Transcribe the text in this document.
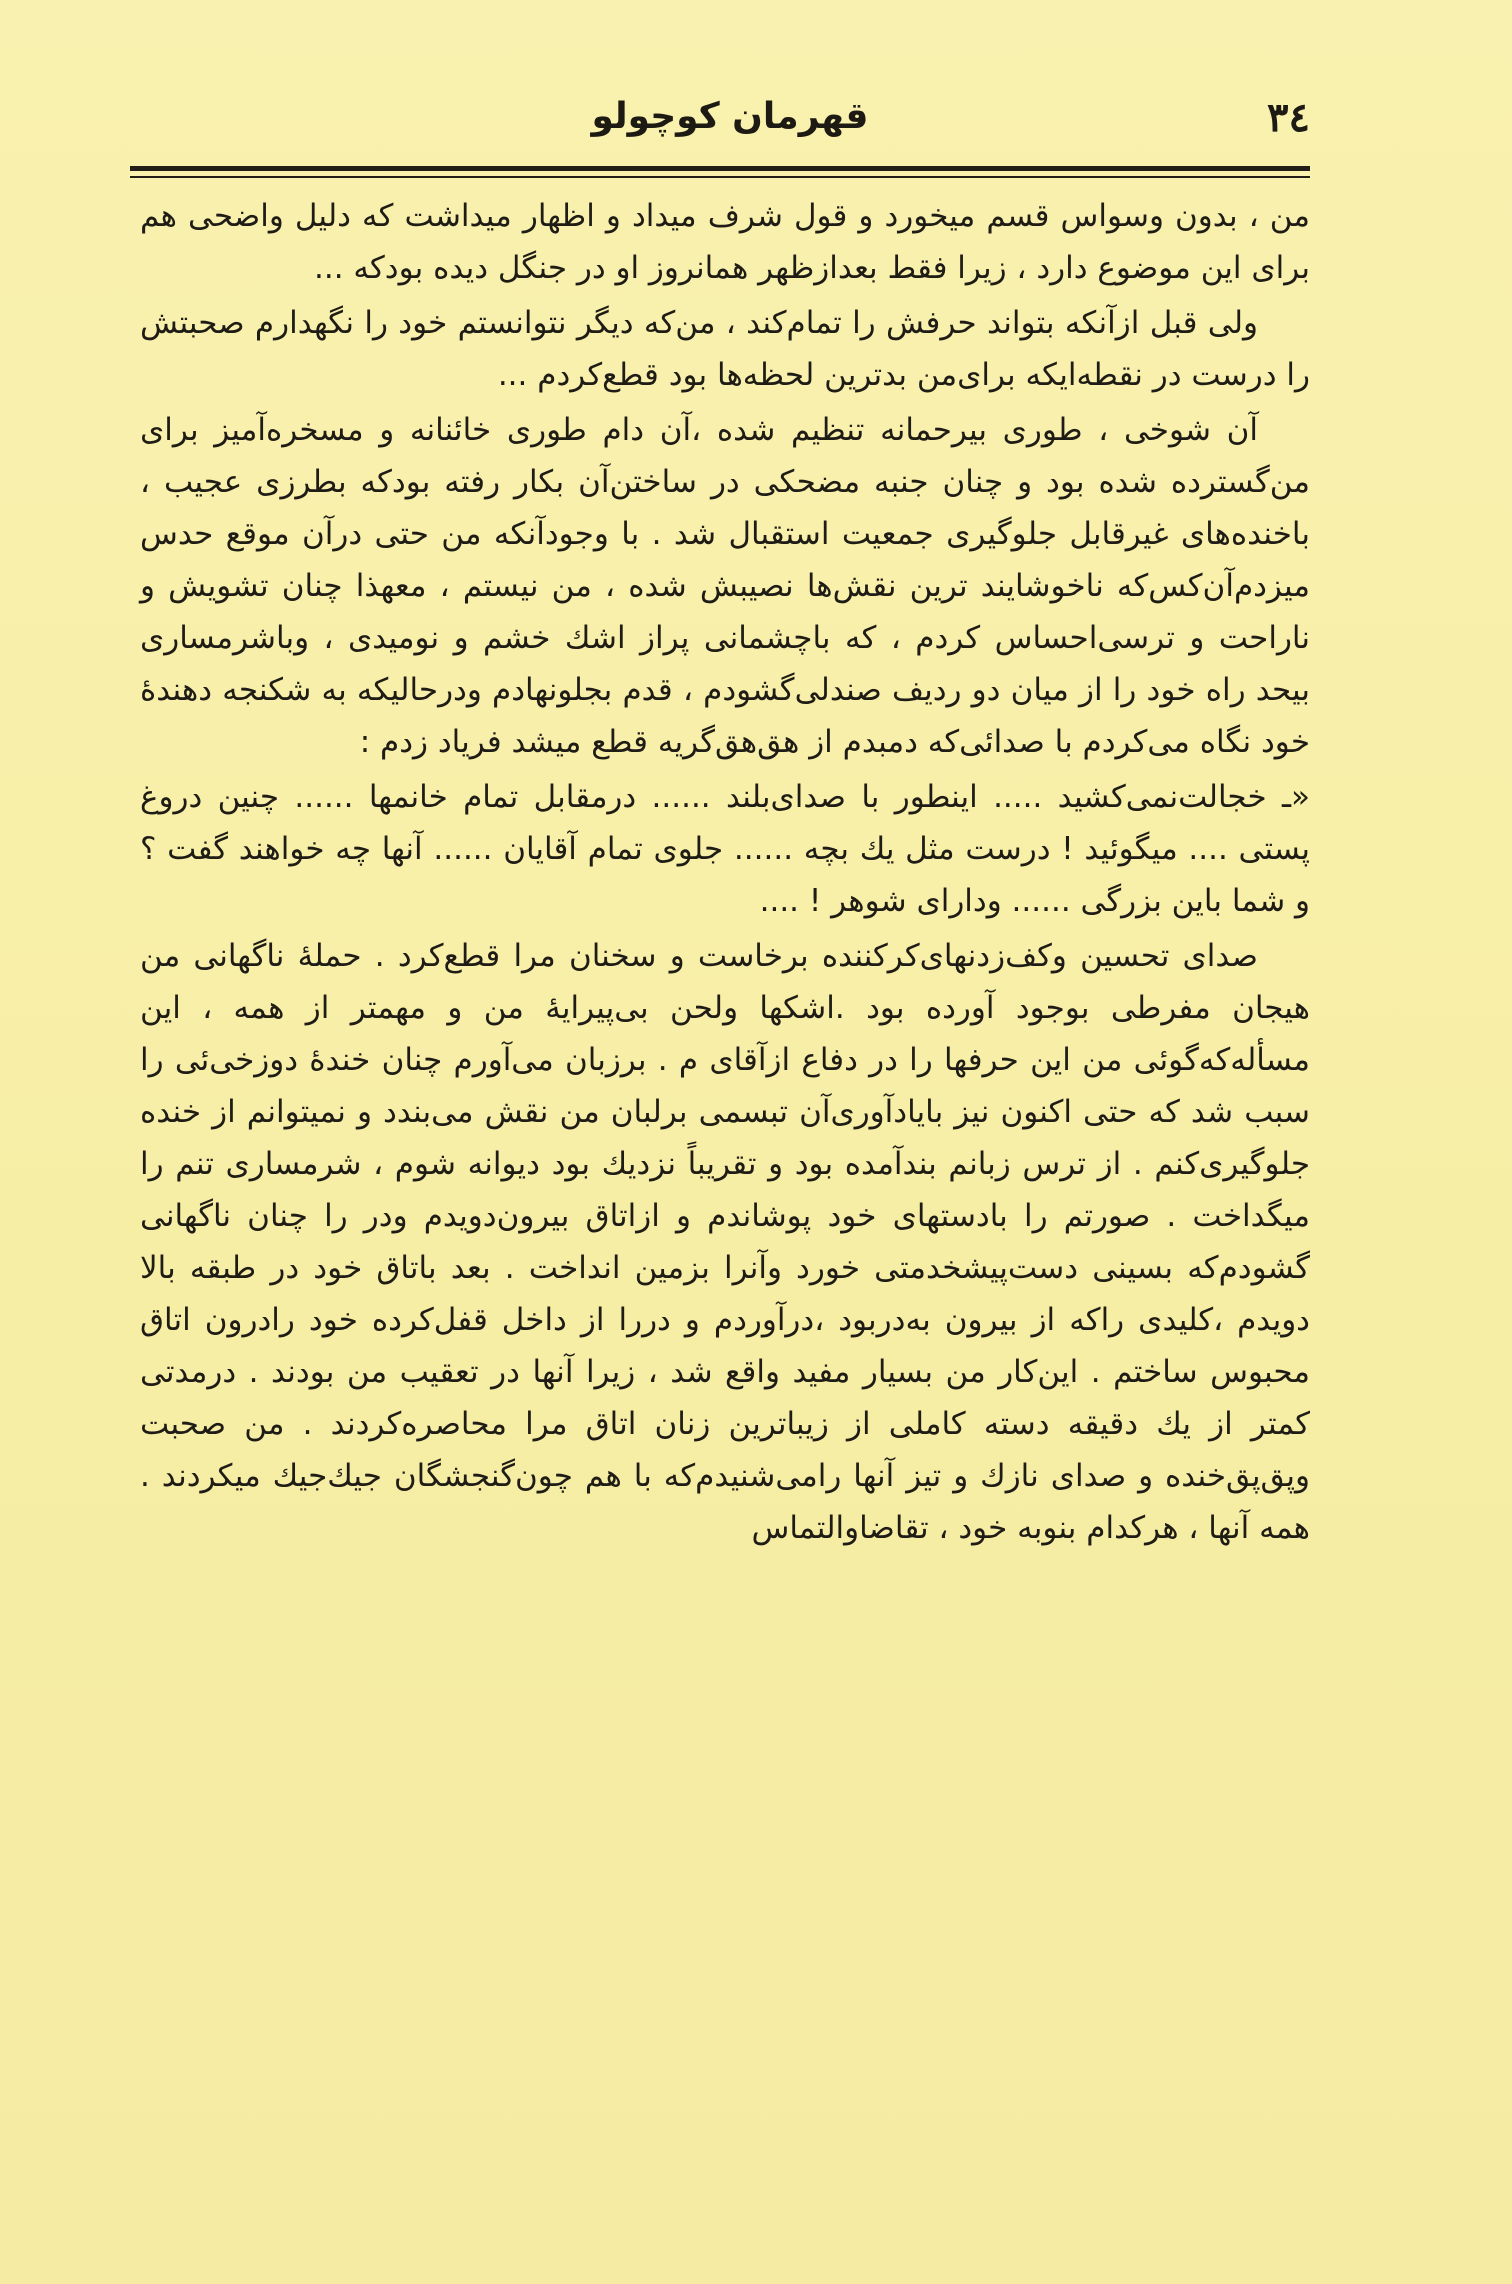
۳٤
قهرمان کوچولو

من ، بدون وسواس قسم میخورد و قول شرف میداد و اظهار میداشت که دلیل واضحی هم برای این موضوع دارد ، زیرا فقط بعدازظهر همانروز او در جنگل دیده بودکه ...

ولی قبل ازآنکه بتواند حرفش را تمام‌کند ، من‌که دیگر نتوانستم خود را نگهدارم صحبتش را درست در نقطه‌ایکه برای‌من بدترین لحظه‌ها بود قطع‌کردم ...

آن شوخی ، طوری بیرحمانه تنظیم شده ،آن دام طوری خائنانه و مسخره‌آمیز برای من‌گسترده شده بود و چنان جنبه مضحکی در ساختن‌آن بکار رفته بودکه بطرزی عجیب ، باخنده‌های غیرقابل جلوگیری جمعیت استقبال شد . با وجودآنکه من حتی درآن موقع حدس میزدم‌آن‌کس‌که ناخوشایند ترین نقش‌ها نصیبش شده ، من نیستم ، معهذا چنان تشویش و ناراحت و ترسی‌احساس کردم ، که باچشمانی پراز اشك خشم و نومیدی ، وباشرمساری بیحد راه خود را از میان دو ردیف صندلی‌گشودم ، قدم بجلونهادم ودرحالیکه به شکنجه دهندهٔ خود نگاه می‌کردم با صدائی‌که دمبدم از هق‌هق‌گریه قطع میشد فریاد زدم :

«ـ خجالت‌نمی‌کشید ..... اینطور با صدای‌بلند ...... درمقابل تمام خانمها ...... چنین دروغ پستی .... میگوئید ! درست مثل یك بچه ...... جلوی تمام آقایان ...... آنها چه خواهند گفت ؟ و شما باین بزرگی ...... ودارای شوهر ! ....

صدای تحسین وکف‌زدنهای‌کرکننده برخاست و سخنان مرا قطع‌کرد . حملهٔ ناگهانی من هیجان مفرطی بوجود آورده بود .اشکها ولحن بی‌پیرایهٔ من و مهمتر از همه ، این مسأله‌که‌گوئی من این حرفها را در دفاع ازآقای م . برزبان می‌آورم چنان خندهٔ دوزخی‌ئی را سبب شد که حتی اکنون نیز بایادآوری‌آن تبسمی برلبان من نقش می‌بندد و نمیتوانم از خنده جلوگیری‌کنم . از ترس زبانم بندآمده بود و تقریباً نزدیك بود دیوانه شوم ، شرمساری تنم را میگداخت . صورتم را بادستهای خود پوشاندم و ازاتاق بیرون‌دویدم ودر را چنان ناگهانی گشودم‌که بسینی دست‌پیشخدمتی خورد وآنرا بزمین انداخت . بعد باتاق خود در طبقه بالا دویدم ،کلیدی راکه از بیرون به‌دربود ،درآوردم و دررا از داخل قفل‌کرده خود رادرون اتاق محبوس ساختم . این‌کار من بسیار مفید واقع شد ، زیرا آنها در تعقیب من بودند . درمدتی کمتر از یك دقیقه دسته کاملی از زیباترین زنان اتاق مرا محاصره‌کردند . من صحبت وپق‌پق‌خنده و صدای نازك و تیز آنها رامی‌شنیدم‌که با هم چون‌گنجشگان جیك‌جیك میکردند . همه آنها ، هرکدام بنوبه خود ، تقاضاوالتماس
